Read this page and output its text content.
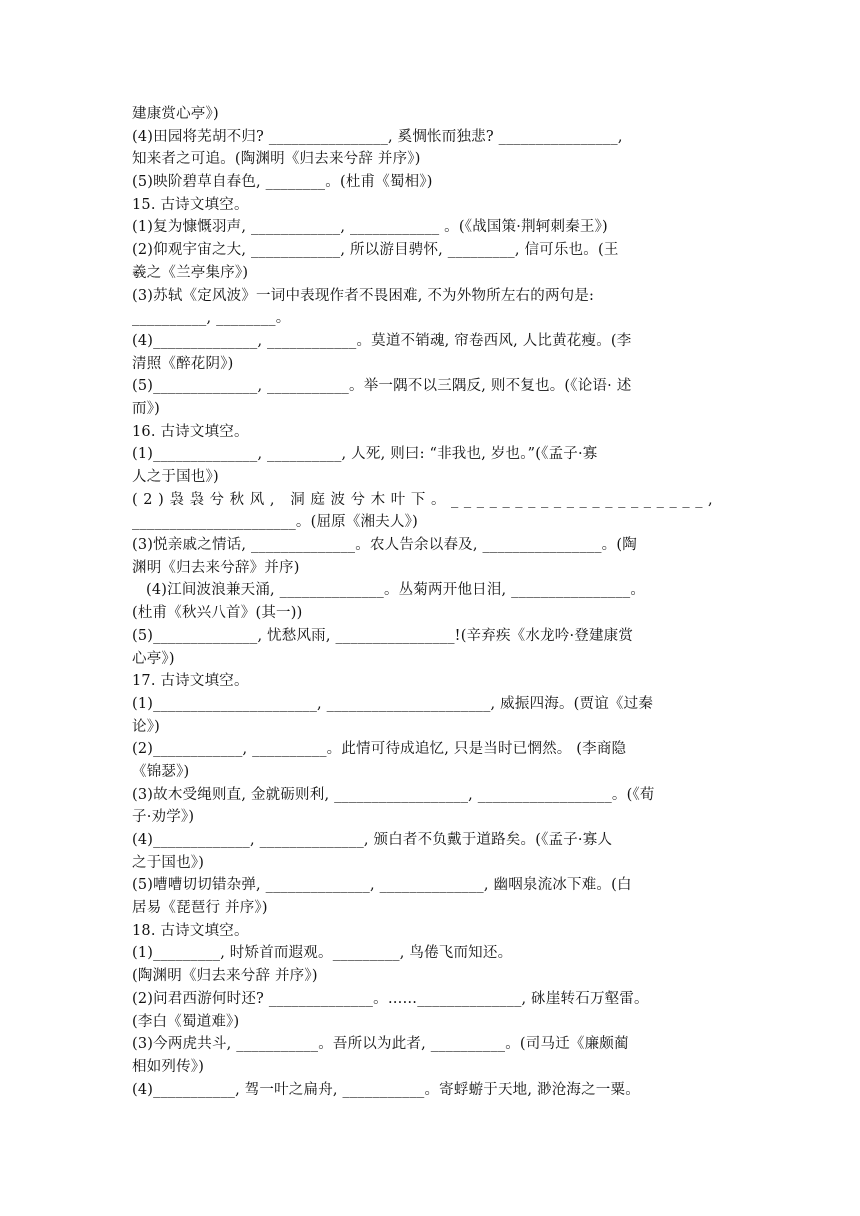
建康赏心亭》)
(4)田园将芜胡不归? ________________, 奚惆怅而独悲? ________________,
知来者之可追。(陶渊明《归去来兮辞 并序》)
(5)映阶碧草自春色, ________。(杜甫《蜀相》)
15. 古诗文填空。
(1)复为慷慨羽声, ____________, ____________ 。(《战国策·荆轲刺秦王》)
(2)仰观宇宙之大, ____________, 所以游目骋怀, _________, 信可乐也。(王
羲之《兰亭集序》)
(3)苏轼《定风波》一词中表现作者不畏困难, 不为外物所左右的两句是:
__________, ________。
(4)______________, ____________。莫道不销魂, 帘卷西风, 人比黄花瘦。(李
清照《醉花阴》)
(5)______________, ___________。举一隅不以三隅反, 则不复也。(《论语· 述
而》)
16. 古诗文填空。
(1)______________, __________, 人死, 则曰: “非我也, 岁也。”(《孟子·寡
人之于国也》)
(2)袅袅兮秋风, 洞庭波兮木叶下。____________________,
______________________。(屈原《湘夫人》)
(3)悦亲戚之情话, ______________。农人告余以春及, ________________。(陶
渊明《归去来兮辞》并序)
(4)江间波浪兼天涌, ______________。丛菊两开他日泪, ________________。
(杜甫《秋兴八首》(其一))
(5)______________, 忧愁风雨, ________________!(辛弃疾《水龙吟·登建康赏
心亭》)
17. 古诗文填空。
(1)______________________, ______________________, 威振四海。(贾谊《过秦
论》)
(2)____________, __________。此情可待成追忆, 只是当时已惘然。 (李商隐
《锦瑟》)
(3)故木受绳则直, 金就砺则利, __________________, __________________。(《荀
子·劝学》)
(4)_____________, ______________, 颁白者不负戴于道路矣。(《孟子·寡人
之于国也》)
(5)嘈嘈切切错杂弹, ______________, ______________, 幽咽泉流冰下难。(白
居易《琵琶行 并序》)
18. 古诗文填空。
(1)_________, 时矫首而遐观。_________, 鸟倦飞而知还。
(陶渊明《归去来兮辞 并序》)
(2)问君西游何时还? ______________。……______________, 砯崖转石万壑雷。
(李白《蜀道难》)
(3)今两虎共斗, ___________。吾所以为此者, __________。(司马迁《廉颇蔺
相如列传》)
(4)___________, 驾一叶之扁舟, ___________。寄蜉蝣于天地, 渺沧海之一粟。
